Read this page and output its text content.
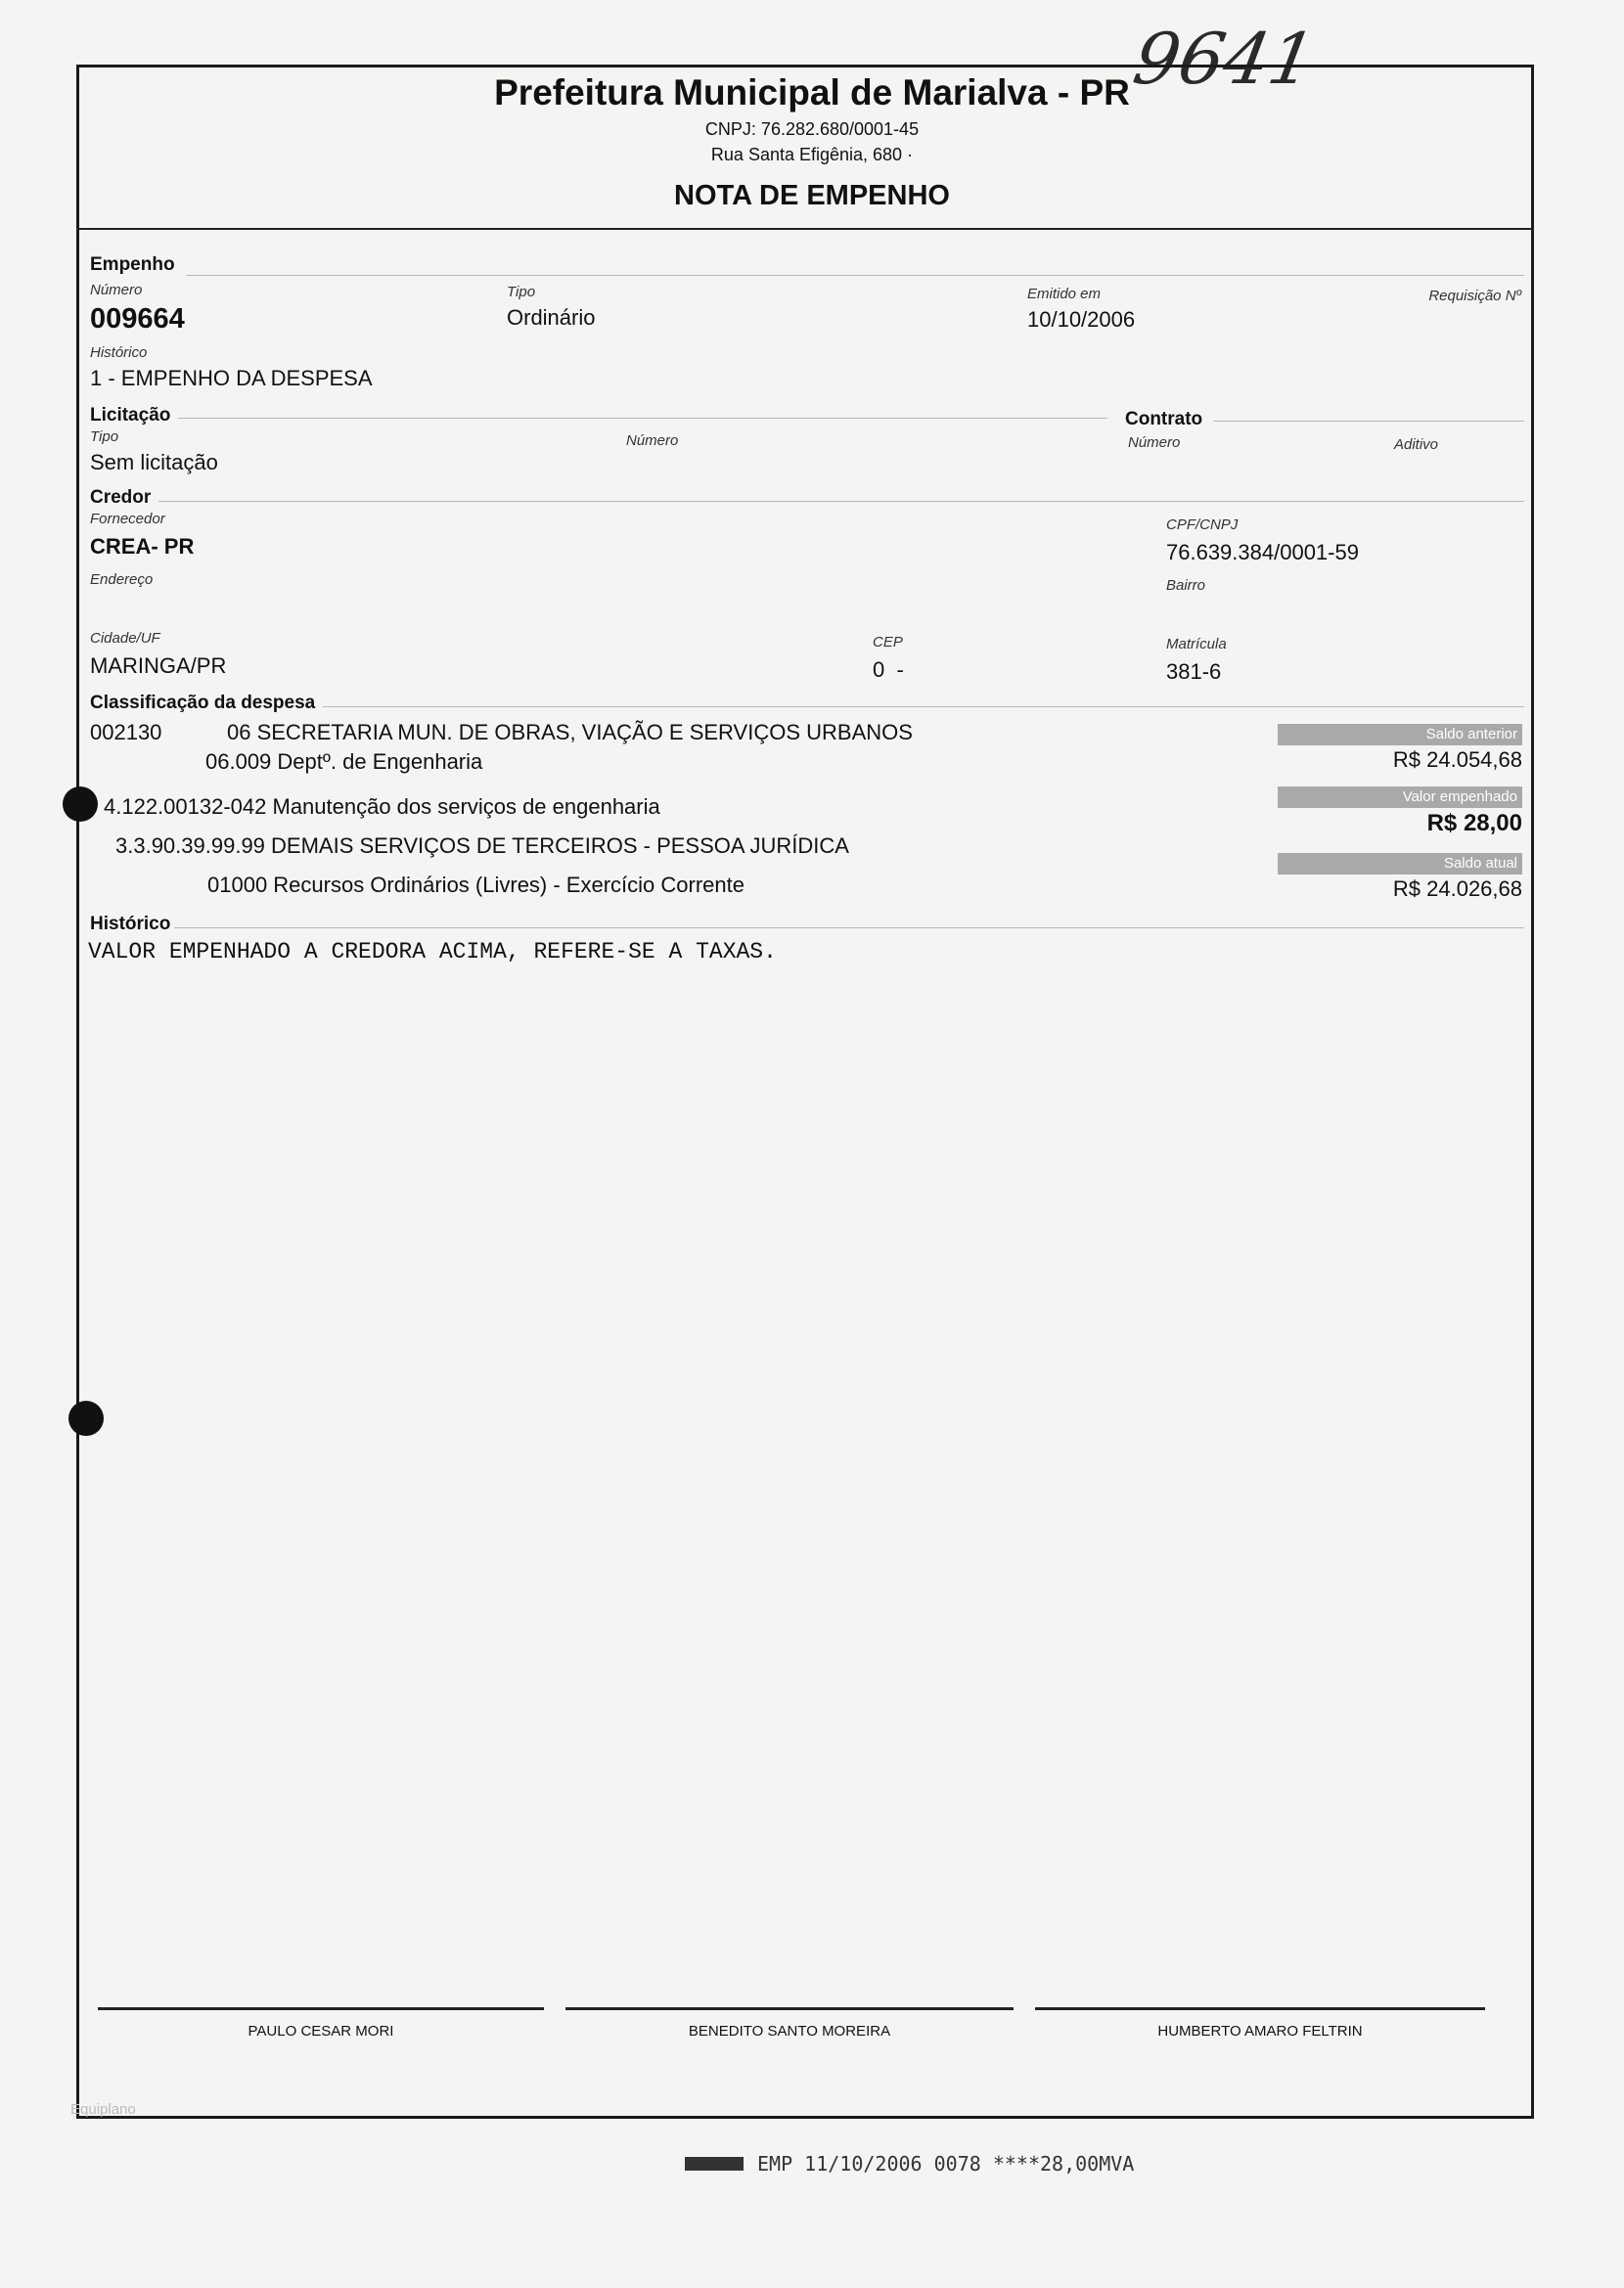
9641
Prefeitura Municipal de Marialva - PR
CNPJ: 76.282.680/0001-45
Rua Santa Efigênia, 680 ·
NOTA DE EMPENHO
Empenho
Número
009664
Tipo
Ordinário
Emitido em
10/10/2006
Requisição Nº
Histórico
1 - EMPENHO DA DESPESA
Licitação	Contrato
Tipo
Sem licitação
Número	Número	Aditivo
Credor
Fornecedor
CREA- PR
CPF/CNPJ
76.639.384/0001-59
Endereço	Bairro
Cidade/UF
MARINGA/PR
CEP
0  -
Matrícula
381-6
Classificação da despesa
002130	06 SECRETARIA MUN. DE OBRAS, VIAÇÃO E SERVIÇOS URBANOS
06.009 Deptº. de Engenharia
4.122.00132-042 Manutenção dos serviços de engenharia
3.3.90.39.99.99 DEMAIS SERVIÇOS DE TERCEIROS - PESSOA JURÍDICA
01000 Recursos Ordinários (Livres) - Exercício Corrente
Saldo anterior
R$ 24.054,68
Valor empenhado
R$ 28,00
Saldo atual
R$ 24.026,68
Histórico
VALOR EMPENHADO A CREDORA ACIMA, REFERE-SE A TAXAS.
PAULO CESAR MORI	BENEDITO SANTO MOREIRA	HUMBERTO AMARO FELTRIN
Equiplano
EMP 11/10/2006 0078 ****28,00MVA
